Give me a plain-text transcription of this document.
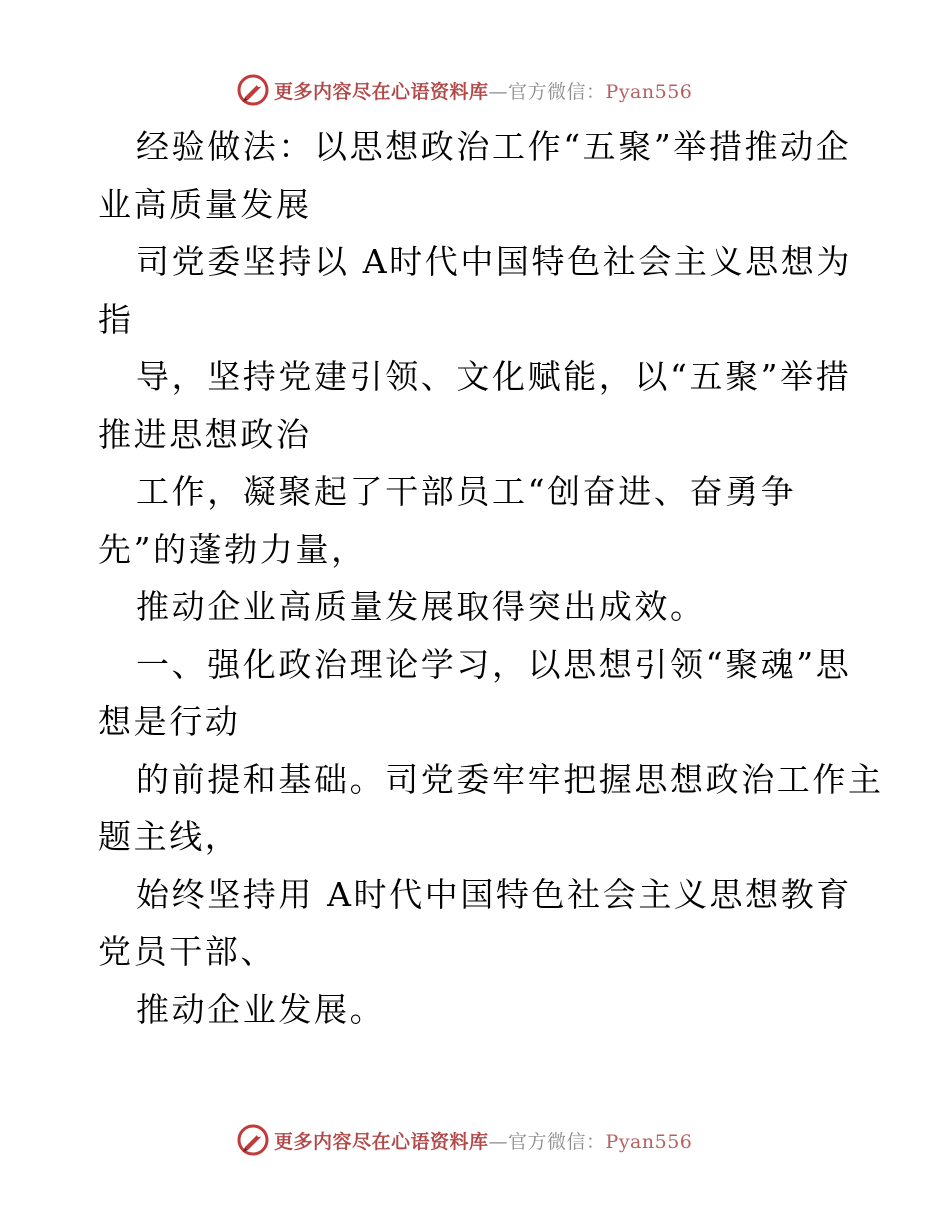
更多内容尽在心语资料库—官方微信：Pyan556
经验做法：以思想政治工作“五聚”举措推动企
业高质量发展
司党委坚持以 A时代中国特色社会主义思想为
指
导，坚持党建引领、文化赋能，以“五聚”举措
推进思想政治
工作，凝聚起了干部员工“创奋进、奋勇争
先”的蓬勃力量，
推动企业高质量发展取得突出成效。
一、强化政治理论学习，以思想引领“聚魂”思
想是行动
的前提和基础。司党委牢牢把握思想政治工作主
题主线，
始终坚持用 A时代中国特色社会主义思想教育
党员干部、
推动企业发展。
更多内容尽在心语资料库—官方微信：Pyan556
